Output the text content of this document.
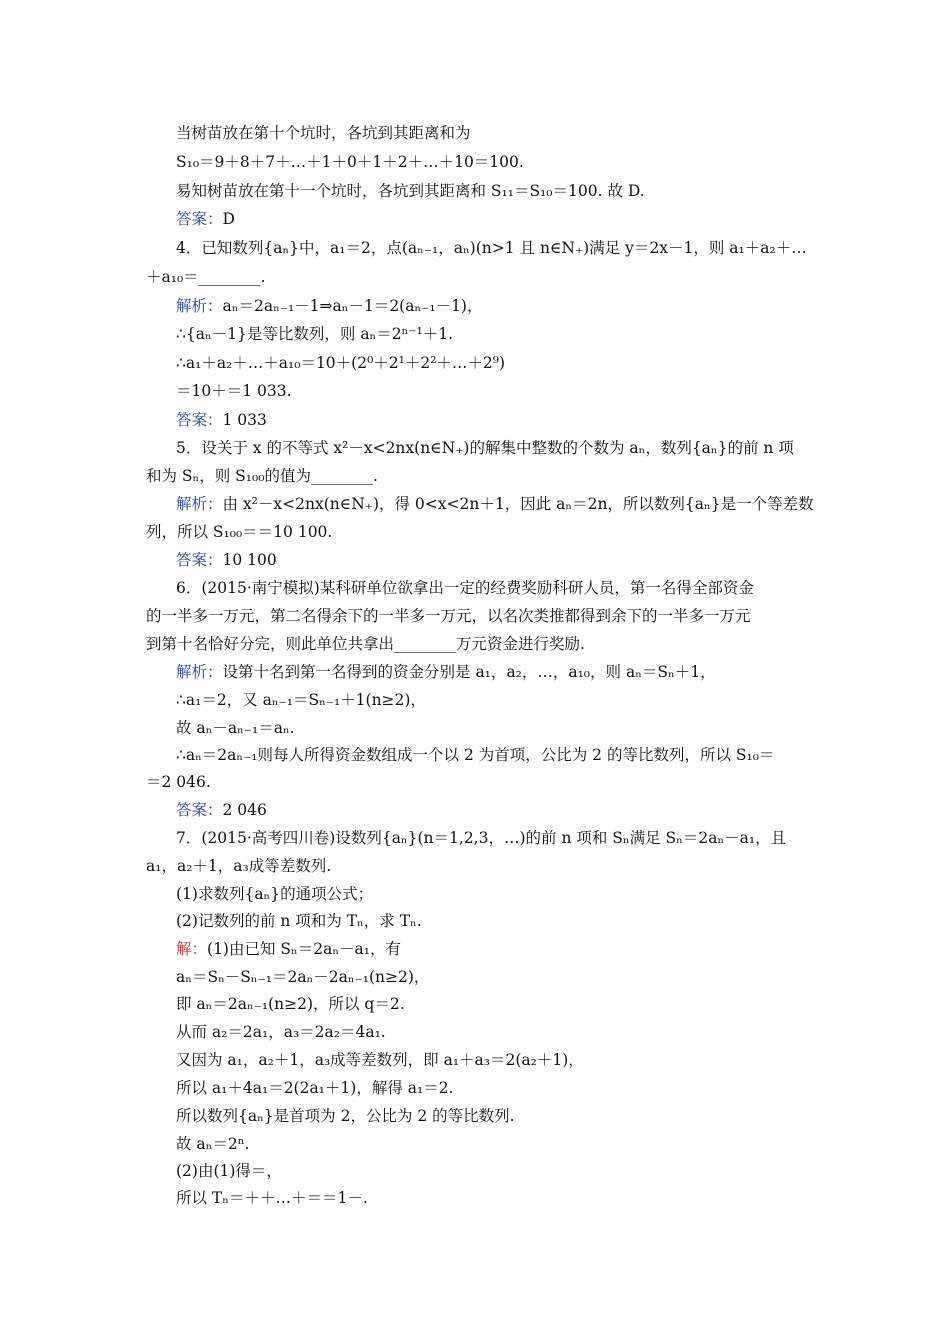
当树苗放在第十个坑时，各坑到其距离和为
S₁₀＝9＋8＋7＋…＋1＋0＋1＋2＋…＋10＝100.
易知树苗放在第十一个坑时，各坑到其距离和 S₁₁＝S₁₀＝100. 故 D.
答案：D
4．已知数列{aₙ}中，a₁＝2，点(aₙ₋₁，aₙ)(n>1 且 n∈N₊)满足 y＝2x－1，则 a₁＋a₂＋…
＋a₁₀＝________.
解析：aₙ＝2aₙ₋₁－1⇒aₙ－1＝2(aₙ₋₁－1)，
∴{aₙ－1}是等比数列，则 aₙ＝2ⁿ⁻¹＋1.
∴a₁＋a₂＋…＋a₁₀＝10＋(2⁰＋2¹＋2²＋…＋2⁹)
＝10＋＝1 033.
答案：1 033
5．设关于 x 的不等式 x²－x<2nx(n∈N₊)的解集中整数的个数为 aₙ，数列{aₙ}的前 n 项
和为 Sₙ，则 S₁₀₀的值为________.
解析：由 x²－x<2nx(n∈N₊)，得 0<x<2n＋1，因此 aₙ＝2n，所以数列{aₙ}是一个等差数
列，所以 S₁₀₀＝＝10 100.
答案：10 100
6．(2015·南宁模拟)某科研单位欲拿出一定的经费奖励科研人员，第一名得全部资金
的一半多一万元，第二名得余下的一半多一万元，以名次类推都得到余下的一半多一万元
到第十名恰好分完，则此单位共拿出________万元资金进行奖励.
解析：设第十名到第一名得到的资金分别是 a₁，a₂，…，a₁₀，则 aₙ＝Sₙ＋1，
∴a₁＝2，又 aₙ₋₁＝Sₙ₋₁＋1(n≥2)，
故 aₙ－aₙ₋₁＝aₙ.
∴aₙ＝2aₙ₋₁则每人所得资金数组成一个以 2 为首项，公比为 2 的等比数列，所以 S₁₀＝
＝2 046.
答案：2 046
7．(2015·高考四川卷)设数列{aₙ}(n＝1,2,3，…)的前 n 项和 Sₙ满足 Sₙ＝2aₙ－a₁，且
a₁，a₂＋1，a₃成等差数列.
(1)求数列{aₙ}的通项公式；
(2)记数列的前 n 项和为 Tₙ，求 Tₙ.
解：(1)由已知 Sₙ＝2aₙ－a₁，有
aₙ＝Sₙ－Sₙ₋₁＝2aₙ－2aₙ₋₁(n≥2)，
即 aₙ＝2aₙ₋₁(n≥2)，所以 q＝2.
从而 a₂＝2a₁，a₃＝2a₂＝4a₁.
又因为 a₁，a₂＋1，a₃成等差数列，即 a₁＋a₃＝2(a₂＋1)，
所以 a₁＋4a₁＝2(2a₁＋1)，解得 a₁＝2.
所以数列{aₙ}是首项为 2，公比为 2 的等比数列.
故 aₙ＝2ⁿ.
(2)由(1)得＝，
所以 Tₙ＝＋＋…＋＝＝1－.
